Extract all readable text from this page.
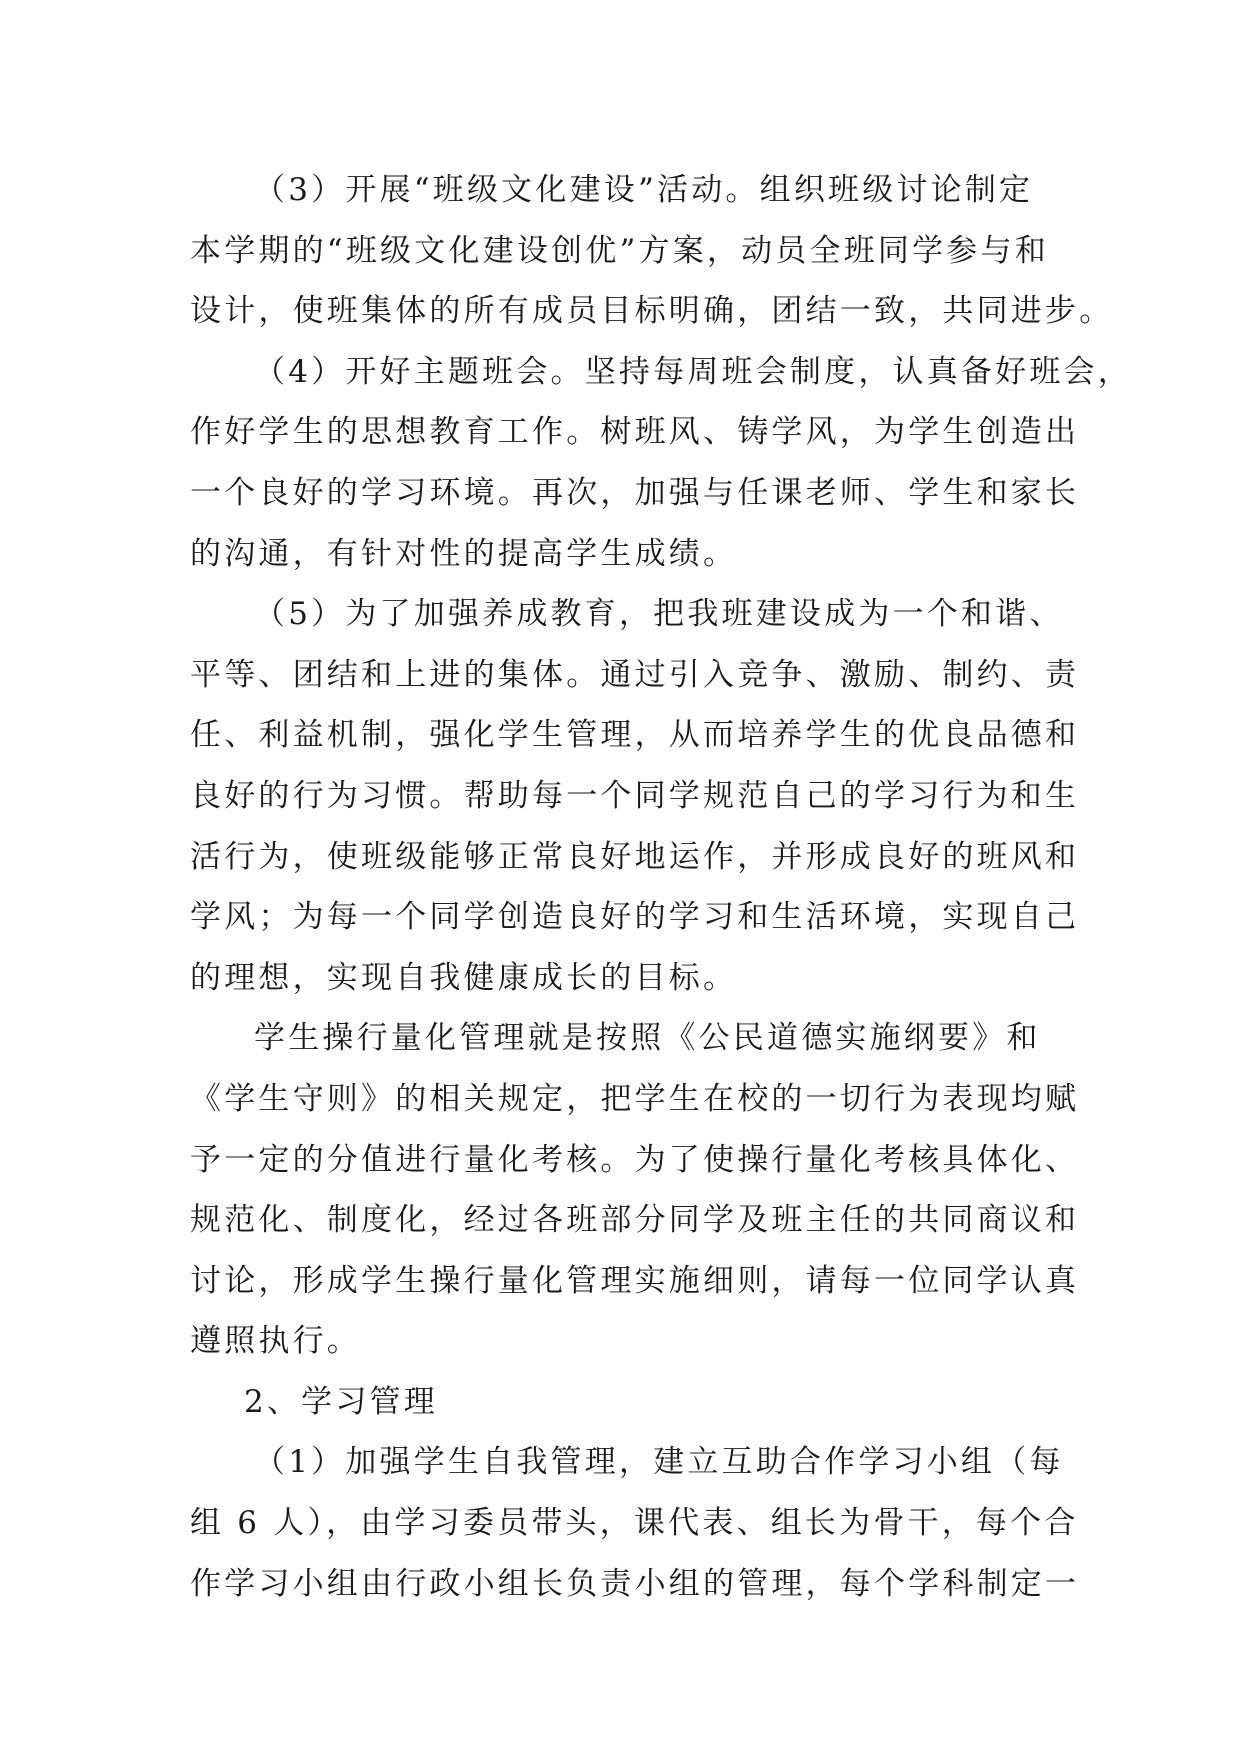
（3）开展“班级文化建设”活动。组织班级讨论制定
本学期的“班级文化建设创优”方案，动员全班同学参与和
设计，使班集体的所有成员目标明确，团结一致，共同进步。
（4）开好主题班会。坚持每周班会制度，认真备好班会，
作好学生的思想教育工作。树班风、铸学风，为学生创造出
一个良好的学习环境。再次，加强与任课老师、学生和家长
的沟通，有针对性的提高学生成绩。
（5）为了加强养成教育，把我班建设成为一个和谐、
平等、团结和上进的集体。通过引入竞争、激励、制约、责
任、利益机制，强化学生管理，从而培养学生的优良品德和
良好的行为习惯。帮助每一个同学规范自己的学习行为和生
活行为，使班级能够正常良好地运作，并形成良好的班风和
学风；为每一个同学创造良好的学习和生活环境，实现自己
的理想，实现自我健康成长的目标。
学生操行量化管理就是按照《公民道德实施纲要》和
《学生守则》的相关规定，把学生在校的一切行为表现均赋
予一定的分值进行量化考核。为了使操行量化考核具体化、
规范化、制度化，经过各班部分同学及班主任的共同商议和
讨论，形成学生操行量化管理实施细则，请每一位同学认真
遵照执行。
2、学习管理
（1）加强学生自我管理，建立互助合作学习小组（每
组 6 人），由学习委员带头，课代表、组长为骨干，每个合
作学习小组由行政小组长负责小组的管理，每个学科制定一
